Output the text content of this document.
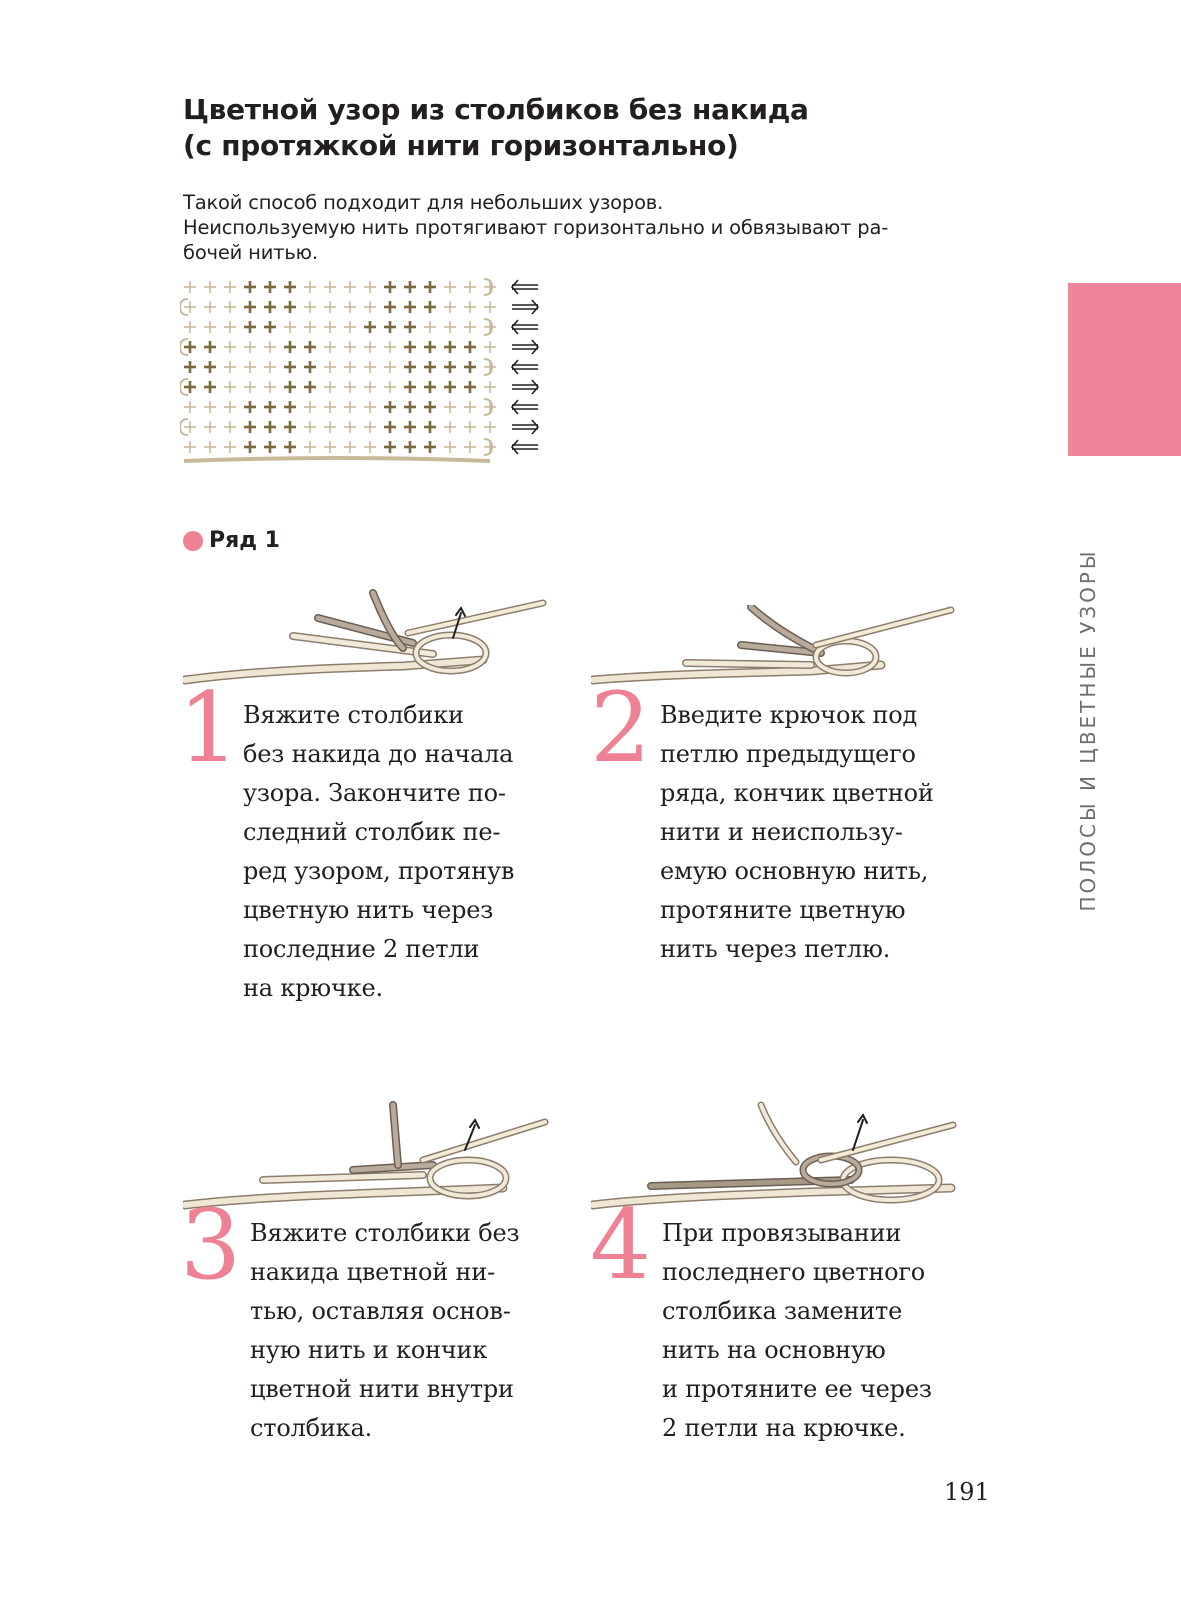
Цветной узор из столбиков без накида
(с протяжкой нити горизонтально)
Такой способ подходит для небольших узоров.
Неиспользуемую нить протягивают горизонтально и обвязывают ра-
бочей нитью.
Ряд 1
1 Вяжите столбики
без накида до начала
узора. Закончите по-
следний столбик пе-
ред узором, протянув
цветную нить через
последние 2 петли
на крючке.
2 Введите крючок под
петлю предыдущего
ряда, кончик цветной
нити и неиспользу-
емую основную нить,
протяните цветную
нить через петлю.
3 Вяжите столбики без
накида цветной ни-
тью, оставляя основ-
ную нить и кончик
цветной нити внутри
столбика.
4 При провязывании
последнего цветного
столбика замените
нить на основную
и протяните ее через
2 петли на крючке.
ПОЛОСЫ И ЦВЕТНЫЕ УЗОРЫ
191
